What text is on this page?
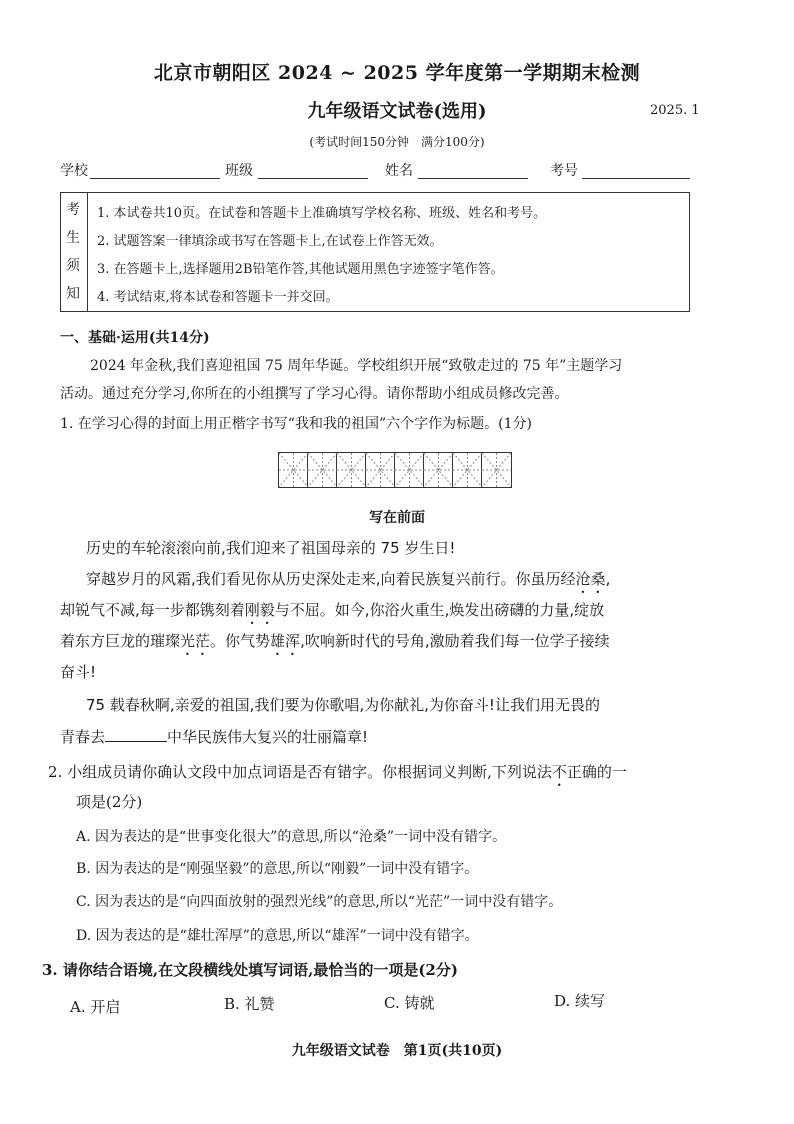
北京市朝阳区 2024 ~ 2025 学年度第一学期期末检测
九年级语文试卷(选用)	2025. 1
(考试时间150分钟　满分100分)
学校	班级	姓名	考号
考
生
须
知
1. 本试卷共10页。在试卷和答题卡上准确填写学校名称、班级、姓名和考号。
2. 试题答案一律填涂或书写在答题卡上,在试卷上作答无效。
3. 在答题卡上,选择题用2B铅笔作答,其他试题用黑色字迹签字笔作答。
4. 考试结束,将本试卷和答题卡一并交回。
一、基础·运用(共14分)
2024 年金秋,我们喜迎祖国 75 周年华诞。学校组织开展“致敬走过的 75 年”主题学习
活动。通过充分学习,你所在的小组撰写了学习心得。请你帮助小组成员修改完善。
1. 在学习心得的封面上用正楷字书写“我和我的祖国”六个字作为标题。(1分)
写在前面
历史的车轮滚滚向前,我们迎来了祖国母亲的 75 岁生日!
穿越岁月的风霜,我们看见你从历史深处走来,向着民族复兴前行。你虽历经沧桑,
却锐气不减,每一步都镌刻着刚毅与不屈。如今,你浴火重生,焕发出磅礴的力量,绽放
着东方巨龙的璀璨光茫。你气势雄浑,吹响新时代的号角,激励着我们每一位学子接续
奋斗!
75 载春秋啊,亲爱的祖国,我们要为你歌唱,为你献礼,为你奋斗!让我们用无畏的
青春去	中华民族伟大复兴的壮丽篇章!
2. 小组成员请你确认文段中加点词语是否有错字。你根据词义判断,下列说法不正确的一
项是(2分)
A. 因为表达的是“世事变化很大”的意思,所以“沧桑”一词中没有错字。
B. 因为表达的是“刚强坚毅”的意思,所以“刚毅”一词中没有错字。
C. 因为表达的是“向四面放射的强烈光线”的意思,所以“光茫”一词中没有错字。
D. 因为表达的是“雄壮浑厚”的意思,所以“雄浑”一词中没有错字。
3. 请你结合语境,在文段横线处填写词语,最恰当的一项是(2分)
A. 开启	B. 礼赞	C. 铸就	D. 续写
九年级语文试卷　第1页(共10页)
